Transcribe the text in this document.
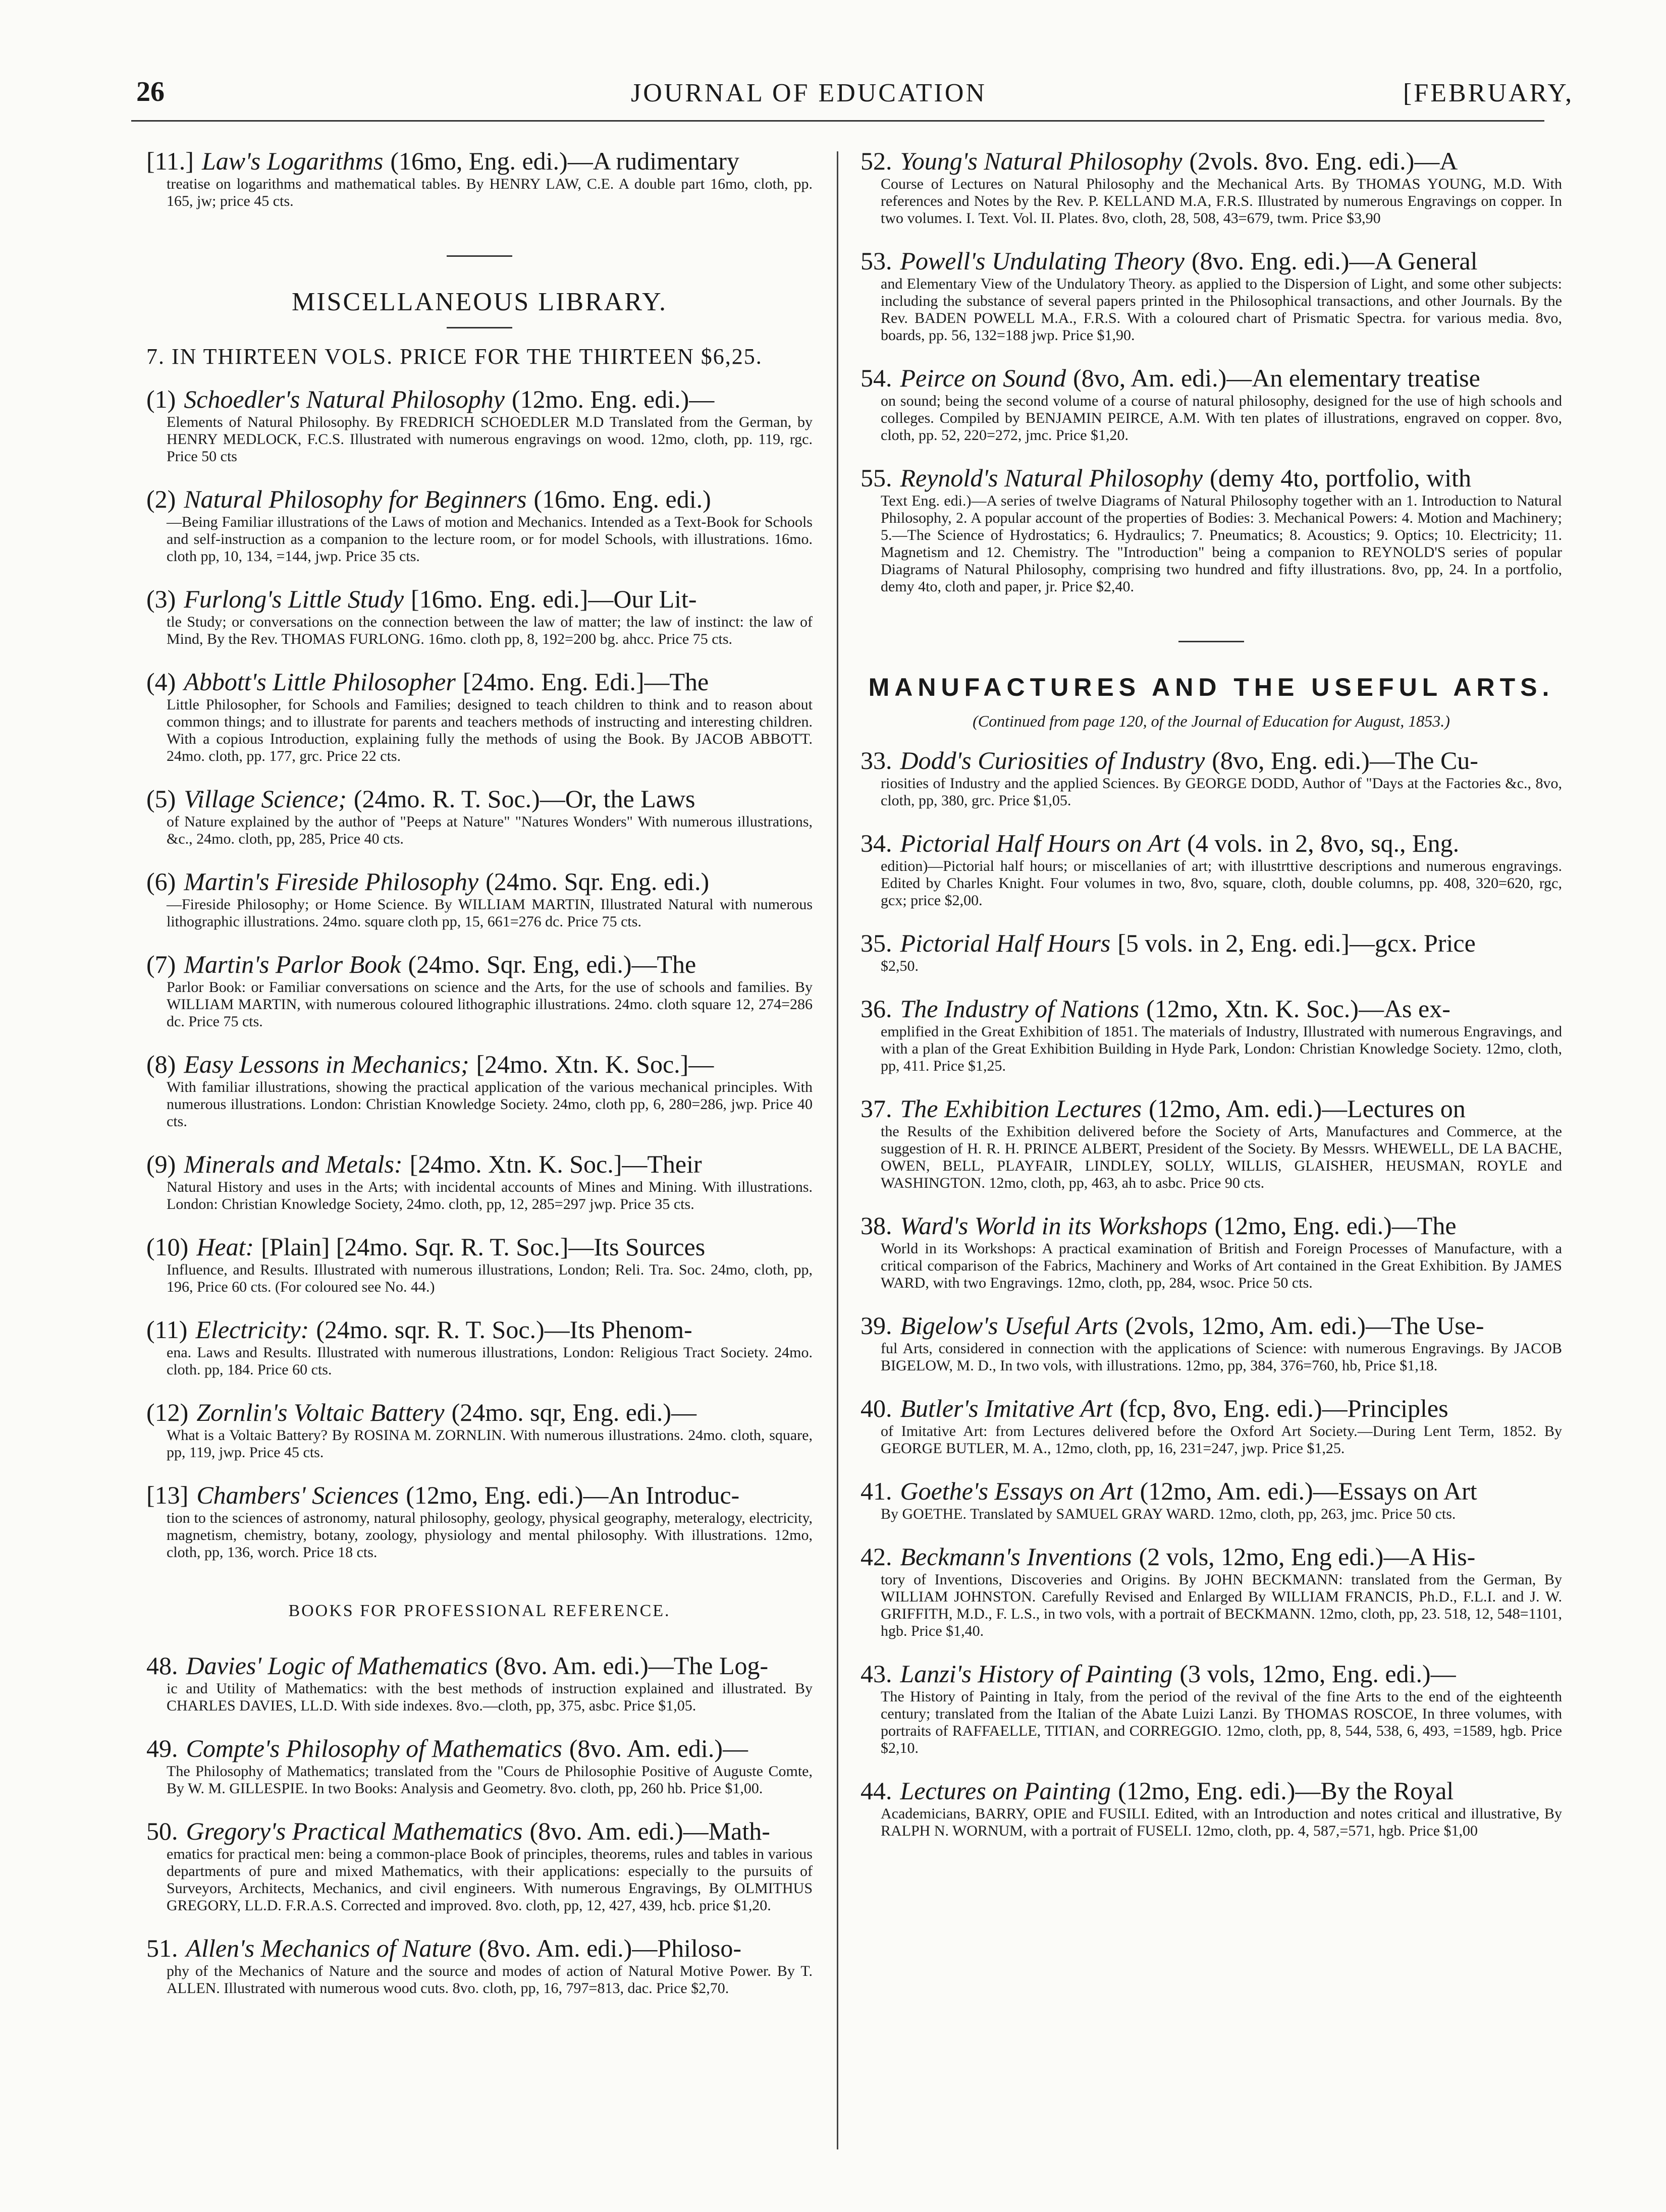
26	JOURNAL OF EDUCATION	[FEBRUARY,
[11.] Law's Logarithms (16mo, Eng. edi.)—A rudimentary
treatise on logarithms and mathematical tables. By HENRY LAW, C.E. A double part 16mo, cloth, pp. 165, jw; price 45 cts.
MISCELLANEOUS LIBRARY.
7. IN THIRTEEN VOLS. PRICE FOR THE THIRTEEN $6,25.
(1) Schoedler's Natural Philosophy (12mo. Eng. edi.)—
Elements of Natural Philosophy. By FREDRICH SCHOEDLER M.D Translated from the German, by HENRY MEDLOCK, F.C.S. Illustrated with numerous engravings on wood. 12mo, cloth, pp. 119, rgc. Price 50 cts
(2) Natural Philosophy for Beginners (16mo. Eng. edi.)
—Being Familiar illustrations of the Laws of motion and Mechanics. Intended as a Text-Book for Schools and self-instruction as a companion to the lecture room, or for model Schools, with illustrations. 16mo. cloth pp, 10, 134, =144, jwp. Price 35 cts.
(3) Furlong's Little Study [16mo. Eng. edi.]—Our Lit-
tle Study; or conversations on the connection between the law of matter; the law of instinct: the law of Mind, By the Rev. THOMAS FURLONG. 16mo. cloth pp, 8, 192=200 bg. ahcc. Price 75 cts.
(4) Abbott's Little Philosopher [24mo. Eng. Edi.]—The
Little Philosopher, for Schools and Families; designed to teach children to think and to reason about common things; and to illustrate for parents and teachers methods of instructing and interesting children. With a copious Introduction, explaining fully the methods of using the Book. By JACOB ABBOTT. 24mo. cloth, pp. 177, grc. Price 22 cts.
(5) Village Science; (24mo. R. T. Soc.)—Or, the Laws
of Nature explained by the author of "Peeps at Nature" "Natures Wonders" With numerous illustrations, &c., 24mo. cloth, pp, 285, Price 40 cts.
(6) Martin's Fireside Philosophy (24mo. Sqr. Eng. edi.)
—Fireside Philosophy; or Home Science. By WILLIAM MARTIN, Illustrated Natural with numerous lithographic illustrations. 24mo. square cloth pp, 15, 661=276 dc. Price 75 cts.
(7) Martin's Parlor Book (24mo. Sqr. Eng, edi.)—The
Parlor Book: or Familiar conversations on science and the Arts, for the use of schools and families. By WILLIAM MARTIN, with numerous coloured lithographic illustrations. 24mo. cloth square 12, 274=286 dc. Price 75 cts.
(8) Easy Lessons in Mechanics; [24mo. Xtn. K. Soc.]—
With familiar illustrations, showing the practical application of the various mechanical principles. With numerous illustrations. London: Christian Knowledge Society. 24mo, cloth pp, 6, 280=286, jwp. Price 40 cts.
(9) Minerals and Metals: [24mo. Xtn. K. Soc.]—Their
Natural History and uses in the Arts; with incidental accounts of Mines and Mining. With illustrations. London: Christian Knowledge Society, 24mo. cloth, pp, 12, 285=297 jwp. Price 35 cts.
(10) Heat: [Plain] [24mo. Sqr. R. T. Soc.]—Its Sources
Influence, and Results. Illustrated with numerous illustrations, London; Reli. Tra. Soc. 24mo, cloth, pp, 196, Price 60 cts. (For coloured see No. 44.)
(11) Electricity: (24mo. sqr. R. T. Soc.)—Its Phenom-
ena. Laws and Results. Illustrated with numerous illustrations, London: Religious Tract Society. 24mo. cloth. pp, 184. Price 60 cts.
(12) Zornlin's Voltaic Battery (24mo. sqr, Eng. edi.)—
What is a Voltaic Battery? By ROSINA M. ZORNLIN. With numerous illustrations. 24mo. cloth, square, pp, 119, jwp. Price 45 cts.
[13] Chambers' Sciences (12mo, Eng. edi.)—An Introduc-
tion to the sciences of astronomy, natural philosophy, geology, physical geography, meteralogy, electricity, magnetism, chemistry, botany, zoology, physiology and mental philosophy. With illustrations. 12mo, cloth, pp, 136, worch. Price 18 cts.
BOOKS FOR PROFESSIONAL REFERENCE.
48. Davies' Logic of Mathematics (8vo. Am. edi.)—The Log-
ic and Utility of Mathematics: with the best methods of instruction explained and illustrated. By CHARLES DAVIES, LL.D. With side indexes. 8vo.—cloth, pp, 375, asbc. Price $1,05.
49. Compte's Philosophy of Mathematics (8vo. Am. edi.)—
The Philosophy of Mathematics; translated from the "Cours de Philosophie Positive of Auguste Comte, By W. M. GILLESPIE. In two Books: Analysis and Geometry. 8vo. cloth, pp, 260 hb. Price $1,00.
50. Gregory's Practical Mathematics (8vo. Am. edi.)—Math-
ematics for practical men: being a common-place Book of principles, theorems, rules and tables in various departments of pure and mixed Mathematics, with their applications: especially to the pursuits of Surveyors, Architects, Mechanics, and civil engineers. With numerous Engravings, By OLMITHUS GREGORY, LL.D. F.R.A.S. Corrected and improved. 8vo. cloth, pp, 12, 427, 439, hcb. price $1,20.
51. Allen's Mechanics of Nature (8vo. Am. edi.)—Philoso-
phy of the Mechanics of Nature and the source and modes of action of Natural Motive Power. By T. ALLEN. Illustrated with numerous wood cuts. 8vo. cloth, pp, 16, 797=813, dac. Price $2,70.
52. Young's Natural Philosophy (2vols. 8vo. Eng. edi.)—A
Course of Lectures on Natural Philosophy and the Mechanical Arts. By THOMAS YOUNG, M.D. With references and Notes by the Rev. P. KELLAND M.A, F.R.S. Illustrated by numerous Engravings on copper. In two volumes. I. Text. Vol. II. Plates. 8vo, cloth, 28, 508, 43=679, twm. Price $3,90
53. Powell's Undulating Theory (8vo. Eng. edi.)—A General
and Elementary View of the Undulatory Theory. as applied to the Dispersion of Light, and some other subjects: including the substance of several papers printed in the Philosophical transactions, and other Journals. By the Rev. BADEN POWELL M.A., F.R.S. With a coloured chart of Prismatic Spectra. for various media. 8vo, boards, pp. 56, 132=188 jwp. Price $1,90.
54. Peirce on Sound (8vo, Am. edi.)—An elementary treatise
on sound; being the second volume of a course of natural philosophy, designed for the use of high schools and colleges. Compiled by BENJAMIN PEIRCE, A.M. With ten plates of illustrations, engraved on copper. 8vo, cloth, pp. 52, 220=272, jmc. Price $1,20.
55. Reynold's Natural Philosophy (demy 4to, portfolio, with
Text Eng. edi.)—A series of twelve Diagrams of Natural Philosophy together with an 1. Introduction to Natural Philosophy, 2. A popular account of the properties of Bodies: 3. Mechanical Powers: 4. Motion and Machinery; 5.—The Science of Hydrostatics; 6. Hydraulics; 7. Pneumatics; 8. Acoustics; 9. Optics; 10. Electricity; 11. Magnetism and 12. Chemistry. The "Introduction" being a companion to REYNOLD'S series of popular Diagrams of Natural Philosophy, comprising two hundred and fifty illustrations. 8vo, pp, 24. In a portfolio, demy 4to, cloth and paper, jr. Price $2,40.
MANUFACTURES AND THE USEFUL ARTS.
(Continued from page 120, of the Journal of Education for August, 1853.)
33. Dodd's Curiosities of Industry (8vo, Eng. edi.)—The Cu-
riosities of Industry and the applied Sciences. By GEORGE DODD, Author of "Days at the Factories &c., 8vo, cloth, pp, 380, grc. Price $1,05.
34. Pictorial Half Hours on Art (4 vols. in 2, 8vo, sq., Eng.
edition)—Pictorial half hours; or miscellanies of art; with illustrttive descriptions and numerous engravings. Edited by Charles Knight. Four volumes in two, 8vo, square, cloth, double columns, pp. 408, 320=620, rgc, gcx; price $2,00.
35. Pictorial Half Hours [5 vols. in 2, Eng. edi.]—gcx. Price
$2,50.
36. The Industry of Nations (12mo, Xtn. K. Soc.)—As ex-
emplified in the Great Exhibition of 1851. The materials of Industry, Illustrated with numerous Engravings, and with a plan of the Great Exhibition Building in Hyde Park, London: Christian Knowledge Society. 12mo, cloth, pp, 411. Price $1,25.
37. The Exhibition Lectures (12mo, Am. edi.)—Lectures on
the Results of the Exhibition delivered before the Society of Arts, Manufactures and Commerce, at the suggestion of H. R. H. PRINCE ALBERT, President of the Society. By Messrs. WHEWELL, DE LA BACHE, OWEN, BELL, PLAYFAIR, LINDLEY, SOLLY, WILLIS, GLAISHER, HEUSMAN, ROYLE and WASHINGTON. 12mo, cloth, pp, 463, ah to asbc. Price 90 cts.
38. Ward's World in its Workshops (12mo, Eng. edi.)—The
World in its Workshops: A practical examination of British and Foreign Processes of Manufacture, with a critical comparison of the Fabrics, Machinery and Works of Art contained in the Great Exhibition. By JAMES WARD, with two Engravings. 12mo, cloth, pp, 284, wsoc. Price 50 cts.
39. Bigelow's Useful Arts (2vols, 12mo, Am. edi.)—The Use-
ful Arts, considered in connection with the applications of Science: with numerous Engravings. By JACOB BIGELOW, M. D., In two vols, with illustrations. 12mo, pp, 384, 376=760, hb, Price $1,18.
40. Butler's Imitative Art (fcp, 8vo, Eng. edi.)—Principles
of Imitative Art: from Lectures delivered before the Oxford Art Society.—During Lent Term, 1852. By GEORGE BUTLER, M. A., 12mo, cloth, pp, 16, 231=247, jwp. Price $1,25.
41. Goethe's Essays on Art (12mo, Am. edi.)—Essays on Art
By GOETHE. Translated by SAMUEL GRAY WARD. 12mo, cloth, pp, 263, jmc. Price 50 cts.
42. Beckmann's Inventions (2 vols, 12mo, Eng edi.)—A His-
tory of Inventions, Discoveries and Origins. By JOHN BECKMANN: translated from the German, By WILLIAM JOHNSTON. Carefully Revised and Enlarged By WILLIAM FRANCIS, Ph.D., F.L.I. and J. W. GRIFFITH, M.D., F. L.S., in two vols, with a portrait of BECKMANN. 12mo, cloth, pp, 23. 518, 12, 548=1101, hgb. Price $1,40.
43. Lanzi's History of Painting (3 vols, 12mo, Eng. edi.)—
The History of Painting in Italy, from the period of the revival of the fine Arts to the end of the eighteenth century; translated from the Italian of the Abate Luizi Lanzi. By THOMAS ROSCOE, In three volumes, with portraits of RAFFAELLE, TITIAN, and CORREGGIO. 12mo, cloth, pp, 8, 544, 538, 6, 493, =1589, hgb. Price $2,10.
44. Lectures on Painting (12mo, Eng. edi.)—By the Royal
Academicians, BARRY, OPIE and FUSILI. Edited, with an Introduction and notes critical and illustrative, By RALPH N. WORNUM, with a portrait of FUSELI. 12mo, cloth, pp. 4, 587,=571, hgb. Price $1,00
